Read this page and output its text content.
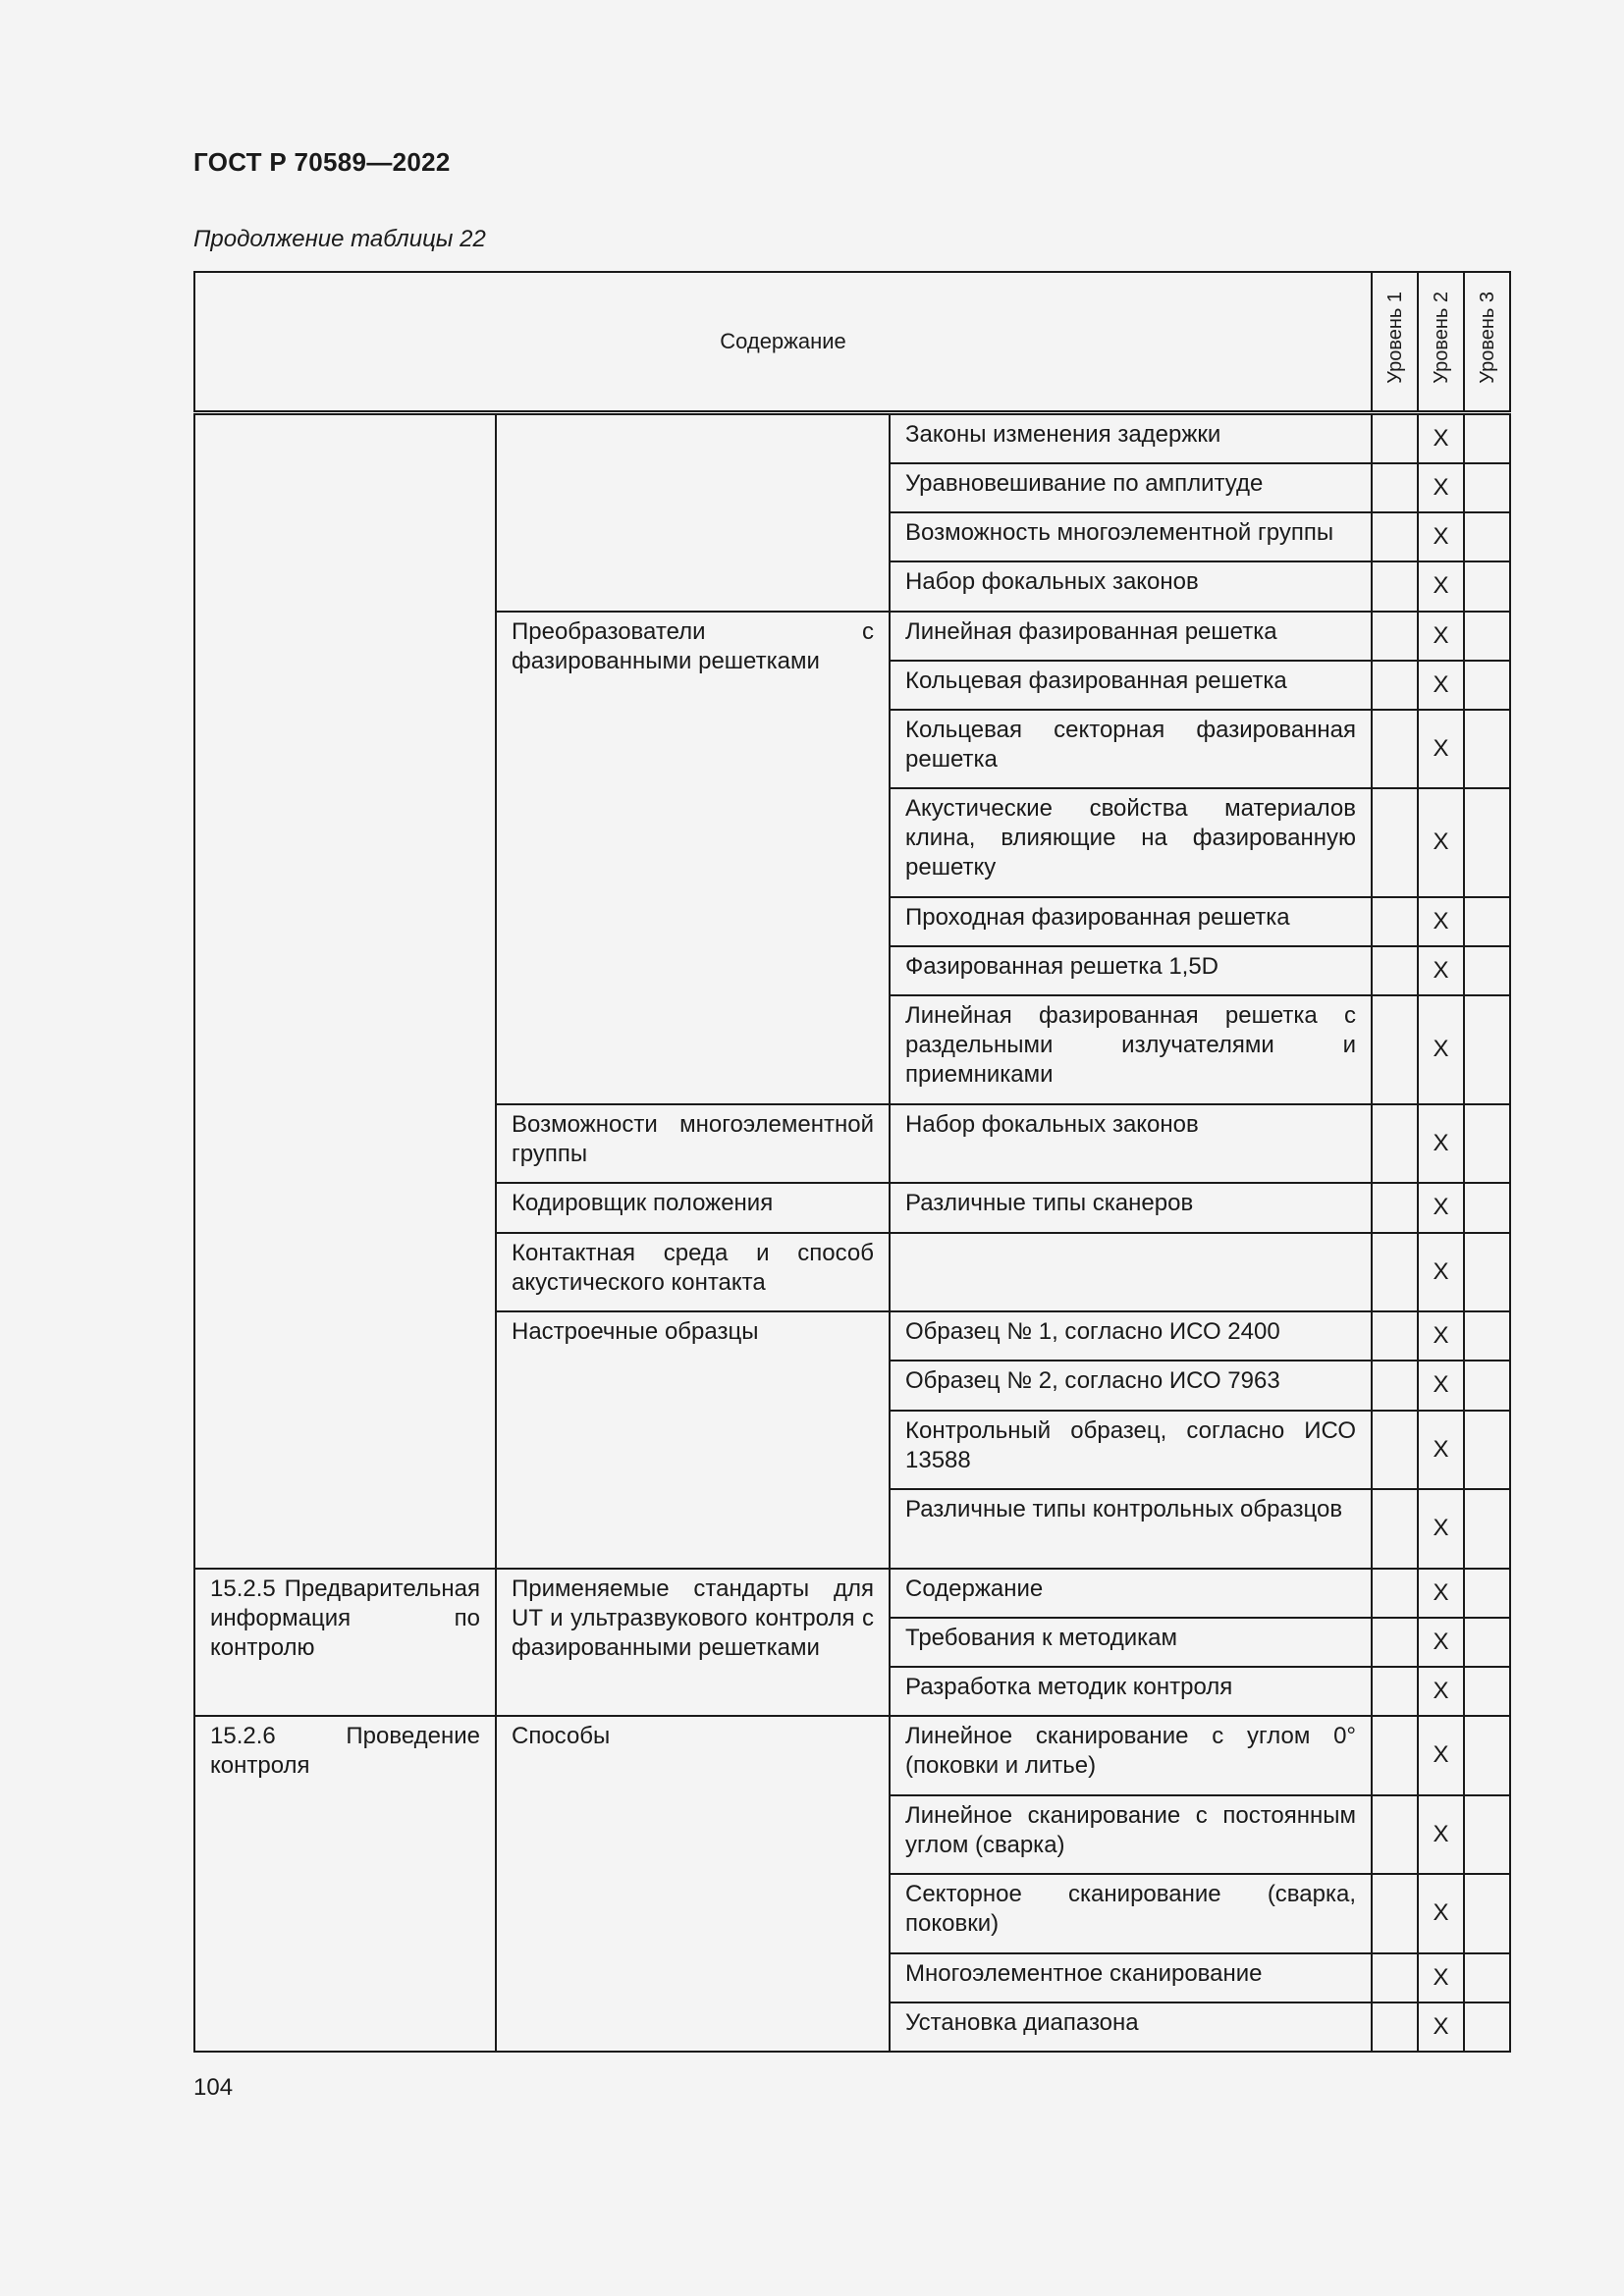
ГОСТ Р 70589—2022
Продолжение таблицы 22
Содержание			Уровень 1	Уровень 2	Уровень 3
		Законы изменения задержки		X	
		Уравновешивание по амплитуде		X	
		Возможность многоэлементной группы		X	
		Набор фокальных законов		X	
	Преобразователи с фазированными решетками	Линейная фазированная решетка		X	
		Кольцевая фазированная решетка		X	
		Кольцевая секторная фазированная решетка		X	
		Акустические свойства материалов клина, влияющие на фазированную решетку		X	
		Проходная фазированная решетка		X	
		Фазированная решетка 1,5D		X	
		Линейная фазированная решетка с раздельными излучателями и приемниками		X	
	Возможности многоэлементной группы	Набор фокальных законов		X	
	Кодировщик положения	Различные типы сканеров		X	
	Контактная среда и способ акустического контакта			X	
	Настроечные образцы	Образец № 1, согласно ИСО 2400		X	
		Образец № 2, согласно ИСО 7963		X	
		Контрольный образец, согласно ИСО 13588		X	
		Различные типы контрольных образцов		X	
15.2.5 Предварительная информация по контролю	Применяемые стандарты для UT и ультразвукового контроля с фазированными решетками	Содержание		X	
		Требования к методикам		X	
		Разработка методик контроля		X	
15.2.6 Проведение контроля	Способы	Линейное сканирование с углом 0° (поковки и литье)		X	
		Линейное сканирование с постоянным углом (сварка)		X	
		Секторное сканирование (сварка, поковки)		X	
		Многоэлементное сканирование		X	
		Установка диапазона		X	
104
